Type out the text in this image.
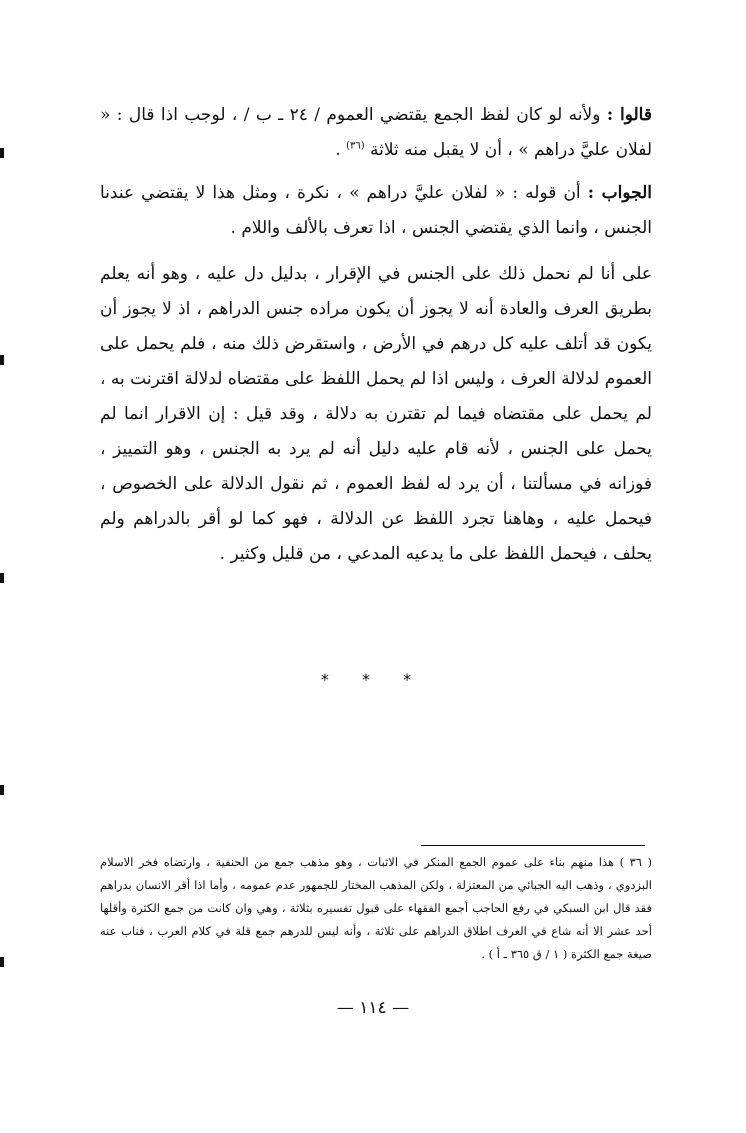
قالوا : ولأنه لو كان لفظ الجمع يقتضي العموم / ٢٤ ـ ب / ، لوجب اذا قال : « لفلان عليَّ دراهم » ، أن لا يقبل منه ثلاثة $^{(٣٦)}$ .
الجواب : أن قوله : « لفلان عليَّ دراهم » ، نكرة ، ومثل هذا لا يقتضي عندنا الجنس ، وانما الذي يقتضي الجنس ، اذا تعرف بالألف واللام .
على أنا لم نحمل ذلك على الجنس في الإقرار ، بدليل دل عليه ، وهو أنه يعلم بطريق العرف والعادة أنه لا يجوز أن يكون مراده جنس الدراهم ، اذ لا يجوز أن يكون قد أتلف عليه كل درهم في الأرض ، واستقرض ذلك منه ، فلم يحمل على العموم لدلالة العرف ، وليس اذا لم يحمل اللفظ على مقتضاه لدلالة اقترنت به ، لم يحمل على مقتضاه فيما لم تقترن به دلالة ، وقد قيل : إن الاقرار انما لم يحمل على الجنس ، لأنه قام عليه دليل أنه لم يرد به الجنس ، وهو التمييز ، فوزانه في مسألتنا ، أن يرد له لفظ العموم ، ثم نقول الدلالة على الخصوص ، فيحمل عليه ، وهاهنا تجرد اللفظ عن الدلالة ، فهو كما لو أقر بالدراهم ولم يحلف ، فيحمل اللفظ على ما يدعيه المدعي ، من قليل وكثير .
* * *
( ٣٦ ) هذا منهم بناء على عموم الجمع المنكر في الاثبات ، وهو مذهب جمع من الحنفية ، وارتضاه فخر الاسلام البزدوي ، وذهب اليه الجبائي من المعتزلة ، ولكن المذهب المختار للجمهور عدم عمومه ، وأما اذا أقر الانسان بدراهم فقد قال ابن السبكي في رفع الحاجب أجمع الفقهاء على قبول تفسيره بثلاثة ، وهي وان كانت من جمع الكثرة وأقلها أحد عشر الا أنه شاع في العرف اطلاق الدراهم على ثلاثة ، وأنه ليس للدرهم جمع قلة في كلام العرب ، فناب عنه صيغة جمع الكثرة ( ١ / ق ٣٦٥ ـ أ ) .
— ١١٤ —
